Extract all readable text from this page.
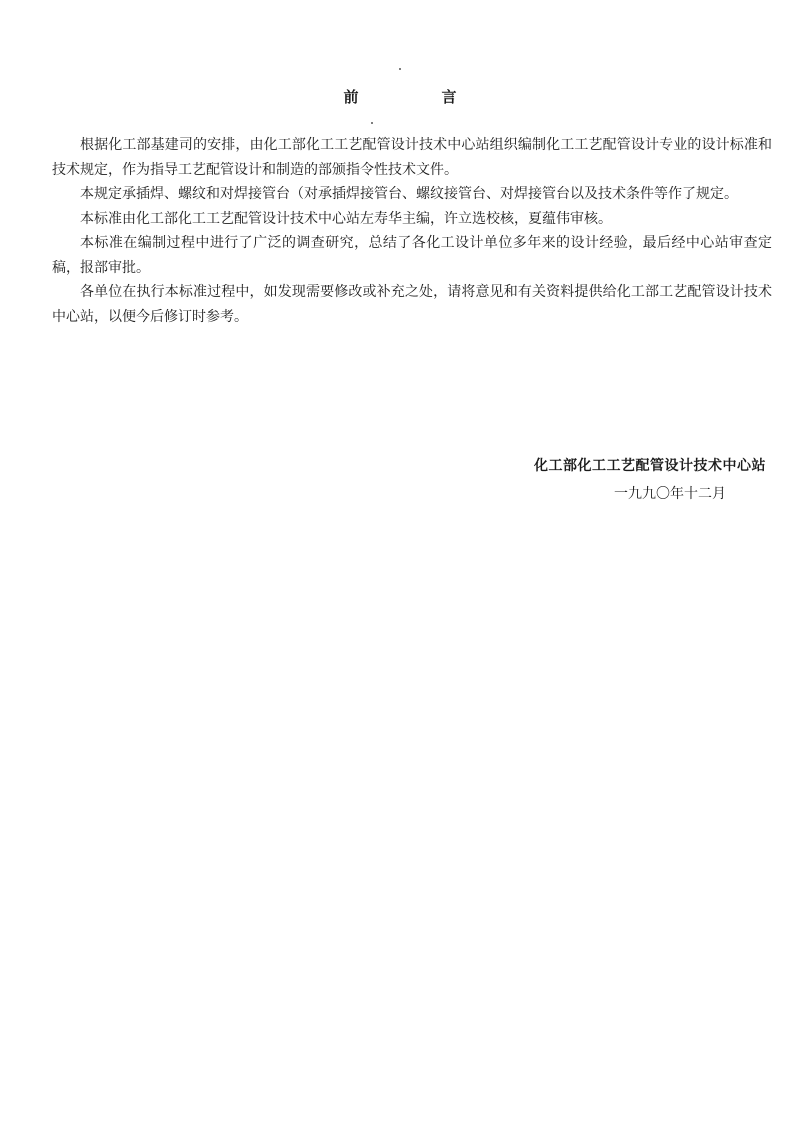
前　言

根据化工部基建司的安排，由化工部化工工艺配管设计技术中心站组织编制化工工艺配管设计专业的设计标准和技术规定，作为指导工艺配管设计和制造的部颁指令性技术文件。

本规定承插焊、螺纹和对焊接管台（对承插焊接管台、螺纹接管台、对焊接管台以及技术条件等作了规定。

本标准由化工部化工工艺配管设计技术中心站左寿华主编，许立选校核，夏蕴伟审核。

本标准在编制过程中进行了广泛的调查研究，总结了各化工设计单位多年来的设计经验，最后经中心站审查定稿，报部审批。

各单位在执行本标准过程中，如发现需要修改或补充之处，请将意见和有关资料提供给化工部工艺配管设计技术中心站，以便今后修订时参考。

化工部化工工艺配管设计技术中心站
一九九〇年十二月
